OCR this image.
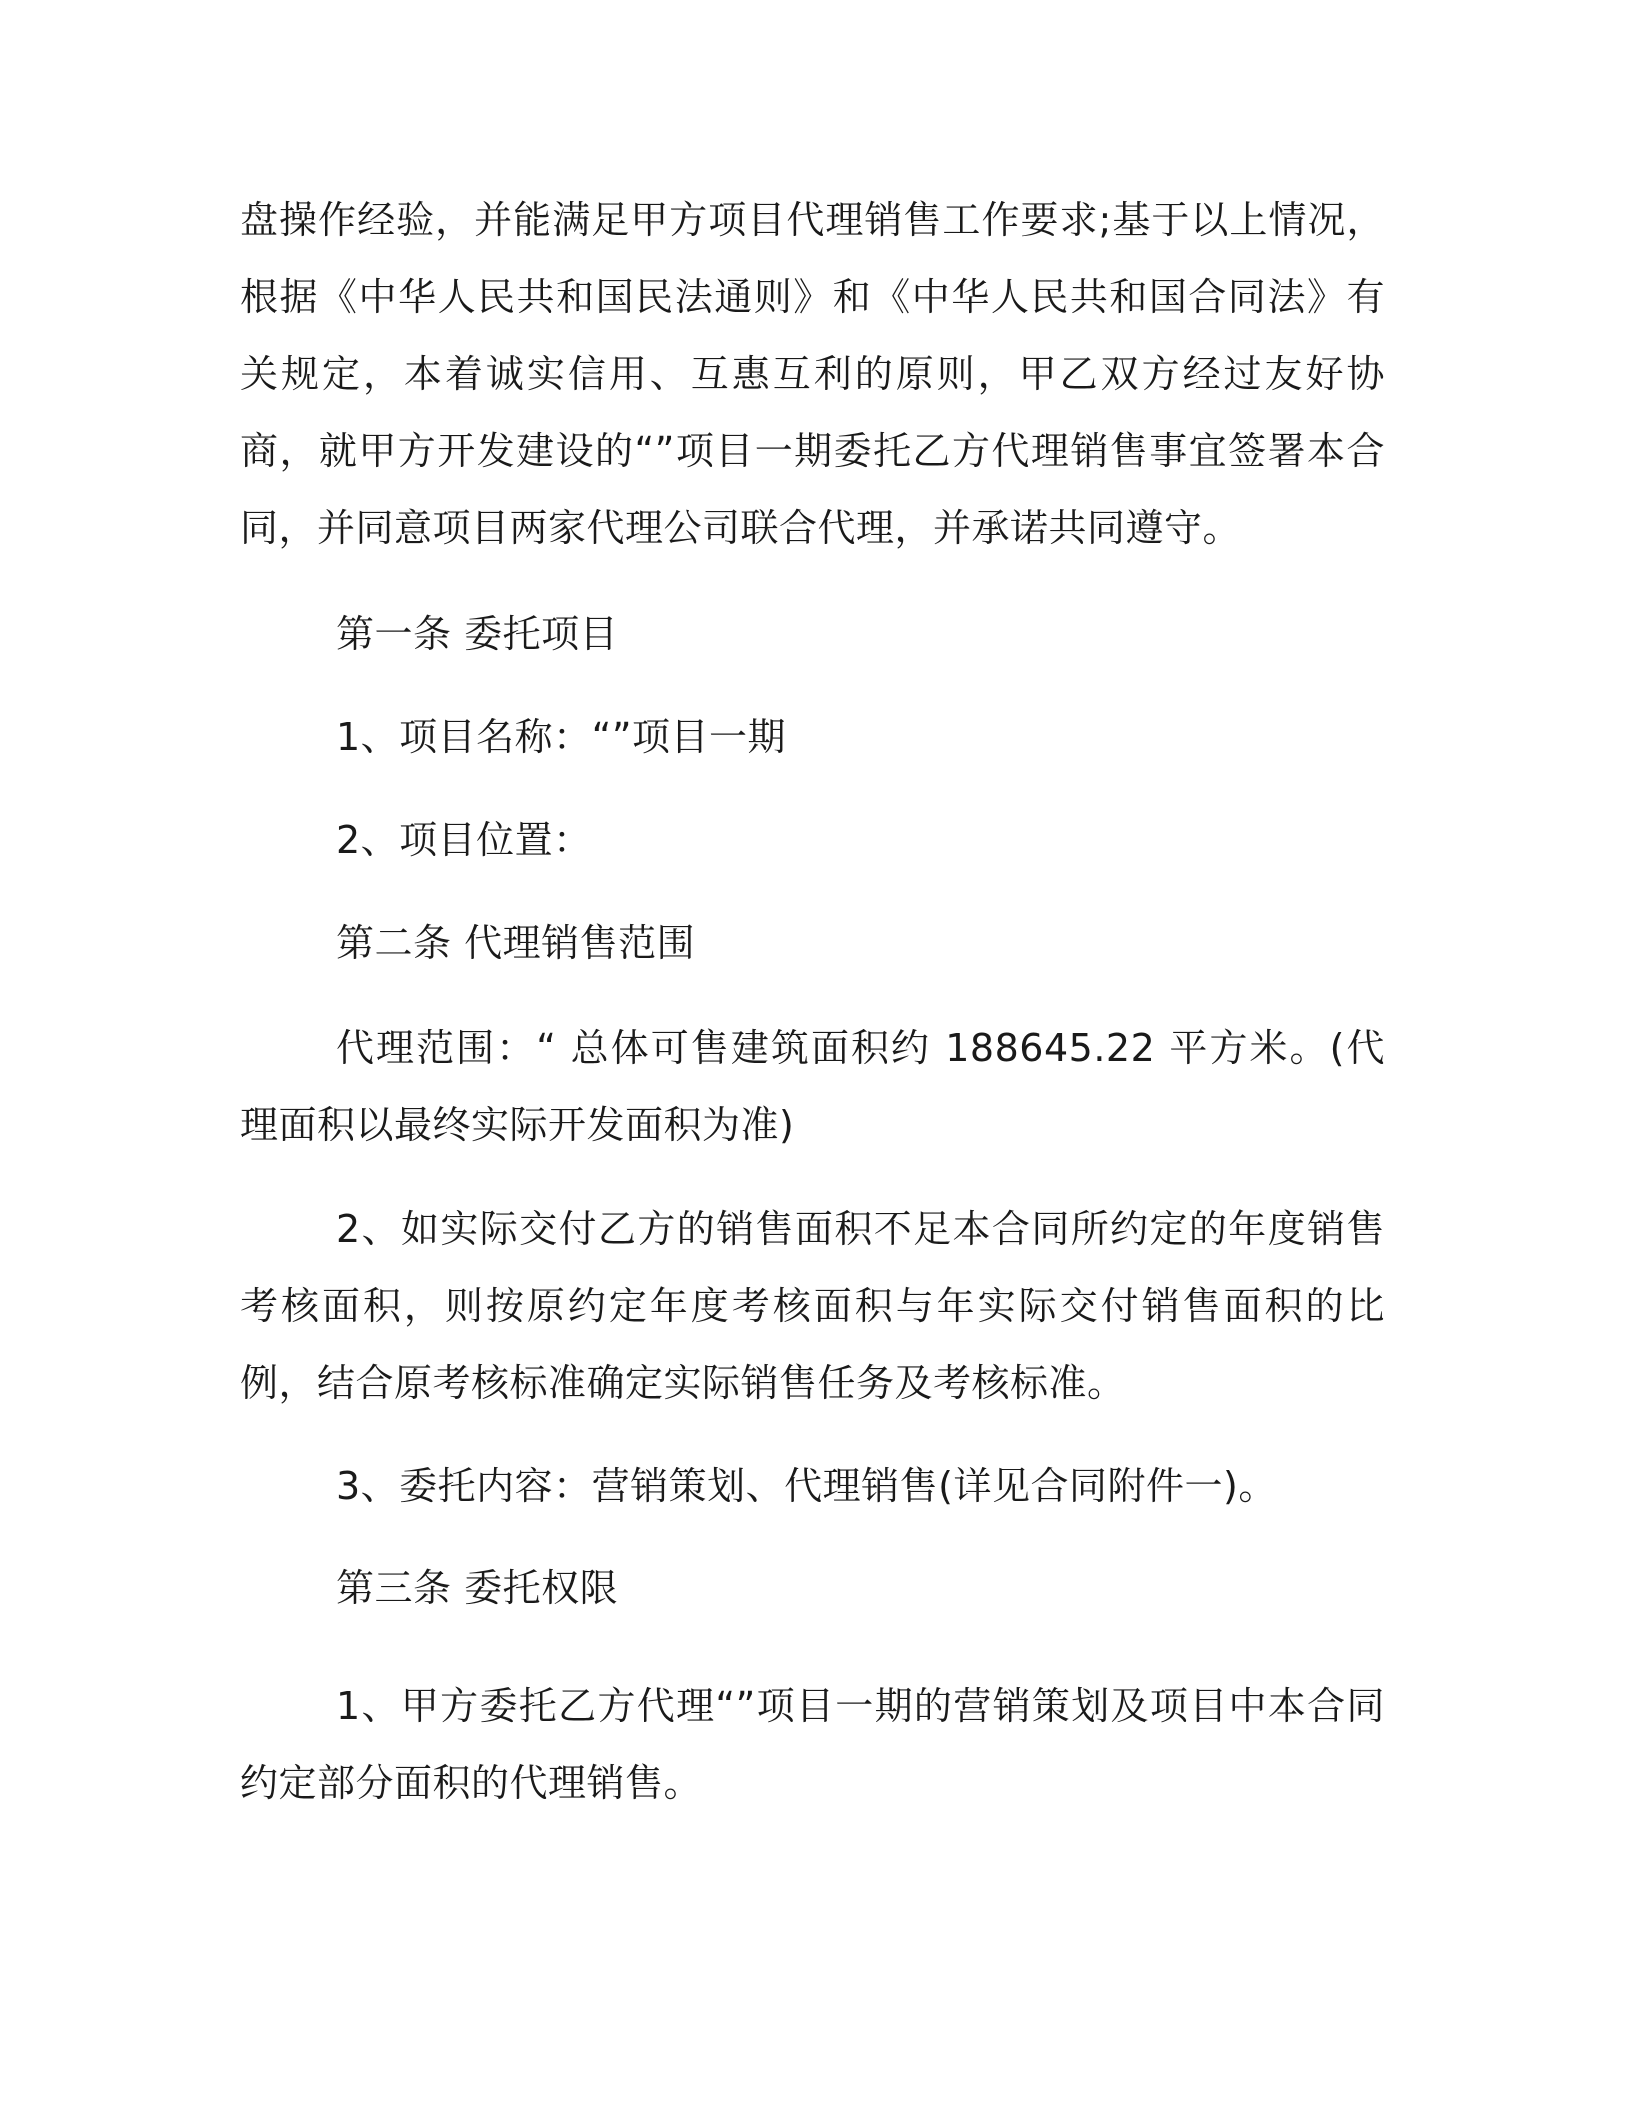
盘操作经验，并能满足甲方项目代理销售工作要求;基于以上情况，根据《中华人民共和国民法通则》和《中华人民共和国合同法》有关规定，本着诚实信用、互惠互利的原则，甲乙双方经过友好协商，就甲方开发建设的“”项目一期委托乙方代理销售事宜签署本合同，并同意项目两家代理公司联合代理，并承诺共同遵守。

第一条 委托项目

1、项目名称：“”项目一期

2、项目位置：

第二条 代理销售范围

代理范围：“ 总体可售建筑面积约 188645.22 平方米。(代理面积以最终实际开发面积为准)

2、如实际交付乙方的销售面积不足本合同所约定的年度销售考核面积，则按原约定年度考核面积与年实际交付销售面积的比例，结合原考核标准确定实际销售任务及考核标准。

3、委托内容：营销策划、代理销售(详见合同附件一)。

第三条 委托权限

1、甲方委托乙方代理“”项目一期的营销策划及项目中本合同约定部分面积的代理销售。
